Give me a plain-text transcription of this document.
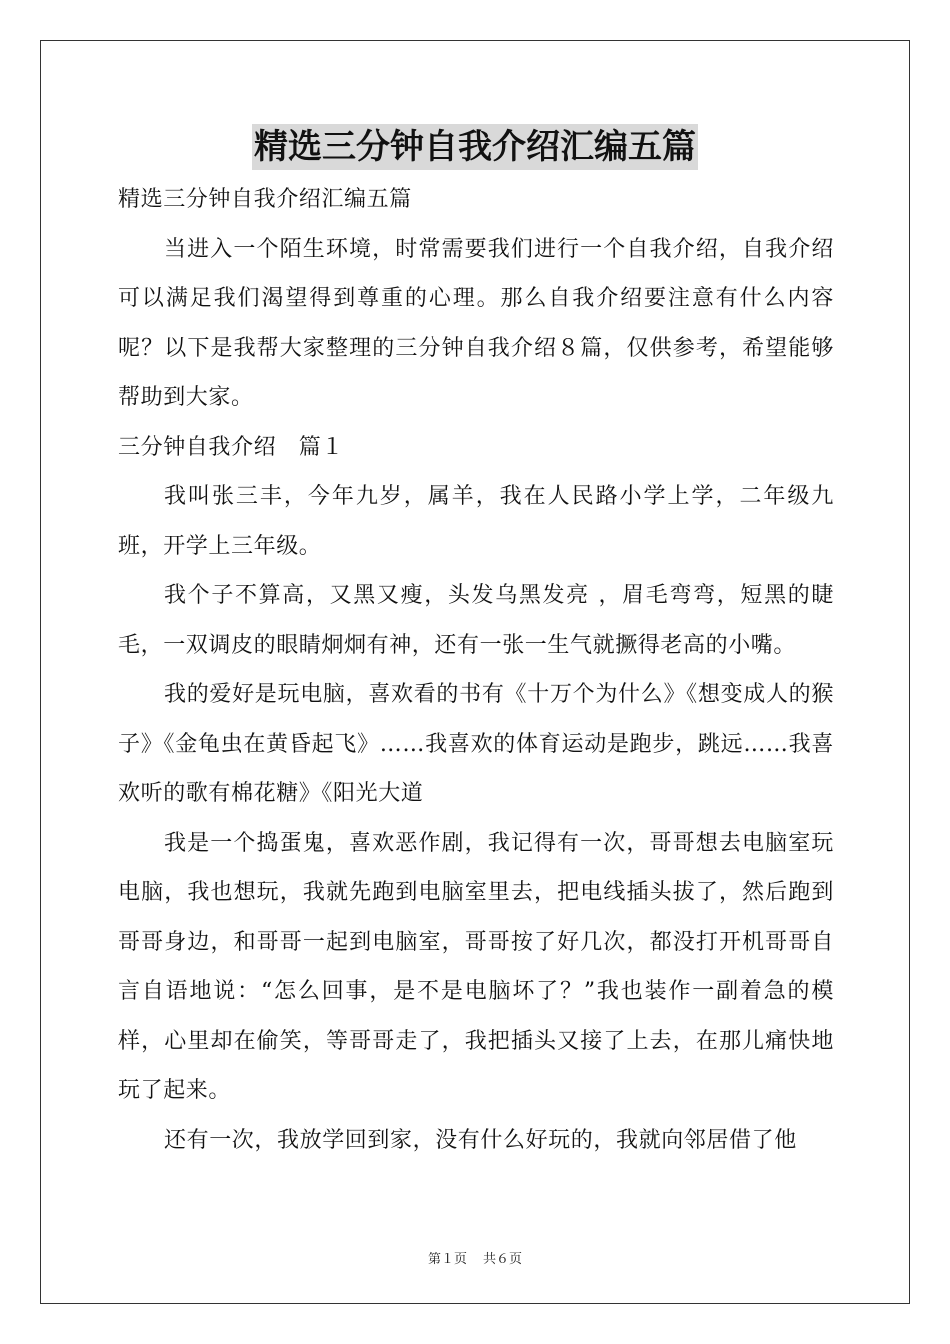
精选三分钟自我介绍汇编五篇

精选三分钟自我介绍汇编五篇

当进入一个陌生环境，时常需要我们进行一个自我介绍，自我介绍可以满足我们渴望得到尊重的心理。那么自我介绍要注意有什么内容呢？以下是我帮大家整理的三分钟自我介绍８篇，仅供参考，希望能够帮助到大家。

三分钟自我介绍　篇１

我叫张三丰，今年九岁，属羊，我在人民路小学上学，二年级九班，开学上三年级。

我个子不算高，又黑又瘦，头发乌黑发亮 ，眉毛弯弯，短黑的睫毛，一双调皮的眼睛炯炯有神，还有一张一生气就撅得老高的小嘴。

我的爱好是玩电脑，喜欢看的书有《十万个为什么》《想变成人的猴子》《金龟虫在黄昏起飞》……我喜欢的体育运动是跑步，跳远……我喜欢听的歌有棉花糖》《阳光大道

我是一个捣蛋鬼，喜欢恶作剧，我记得有一次，哥哥想去电脑室玩电脑，我也想玩，我就先跑到电脑室里去，把电线插头拔了，然后跑到哥哥身边，和哥哥一起到电脑室，哥哥按了好几次，都没打开机哥哥自言自语地说：“怎么回事，是不是电脑坏了？”我也装作一副着急的模样，心里却在偷笑，等哥哥走了，我把插头又接了上去，在那儿痛快地玩了起来。

还有一次，我放学回到家，没有什么好玩的，我就向邻居借了他

第１页 共６页
